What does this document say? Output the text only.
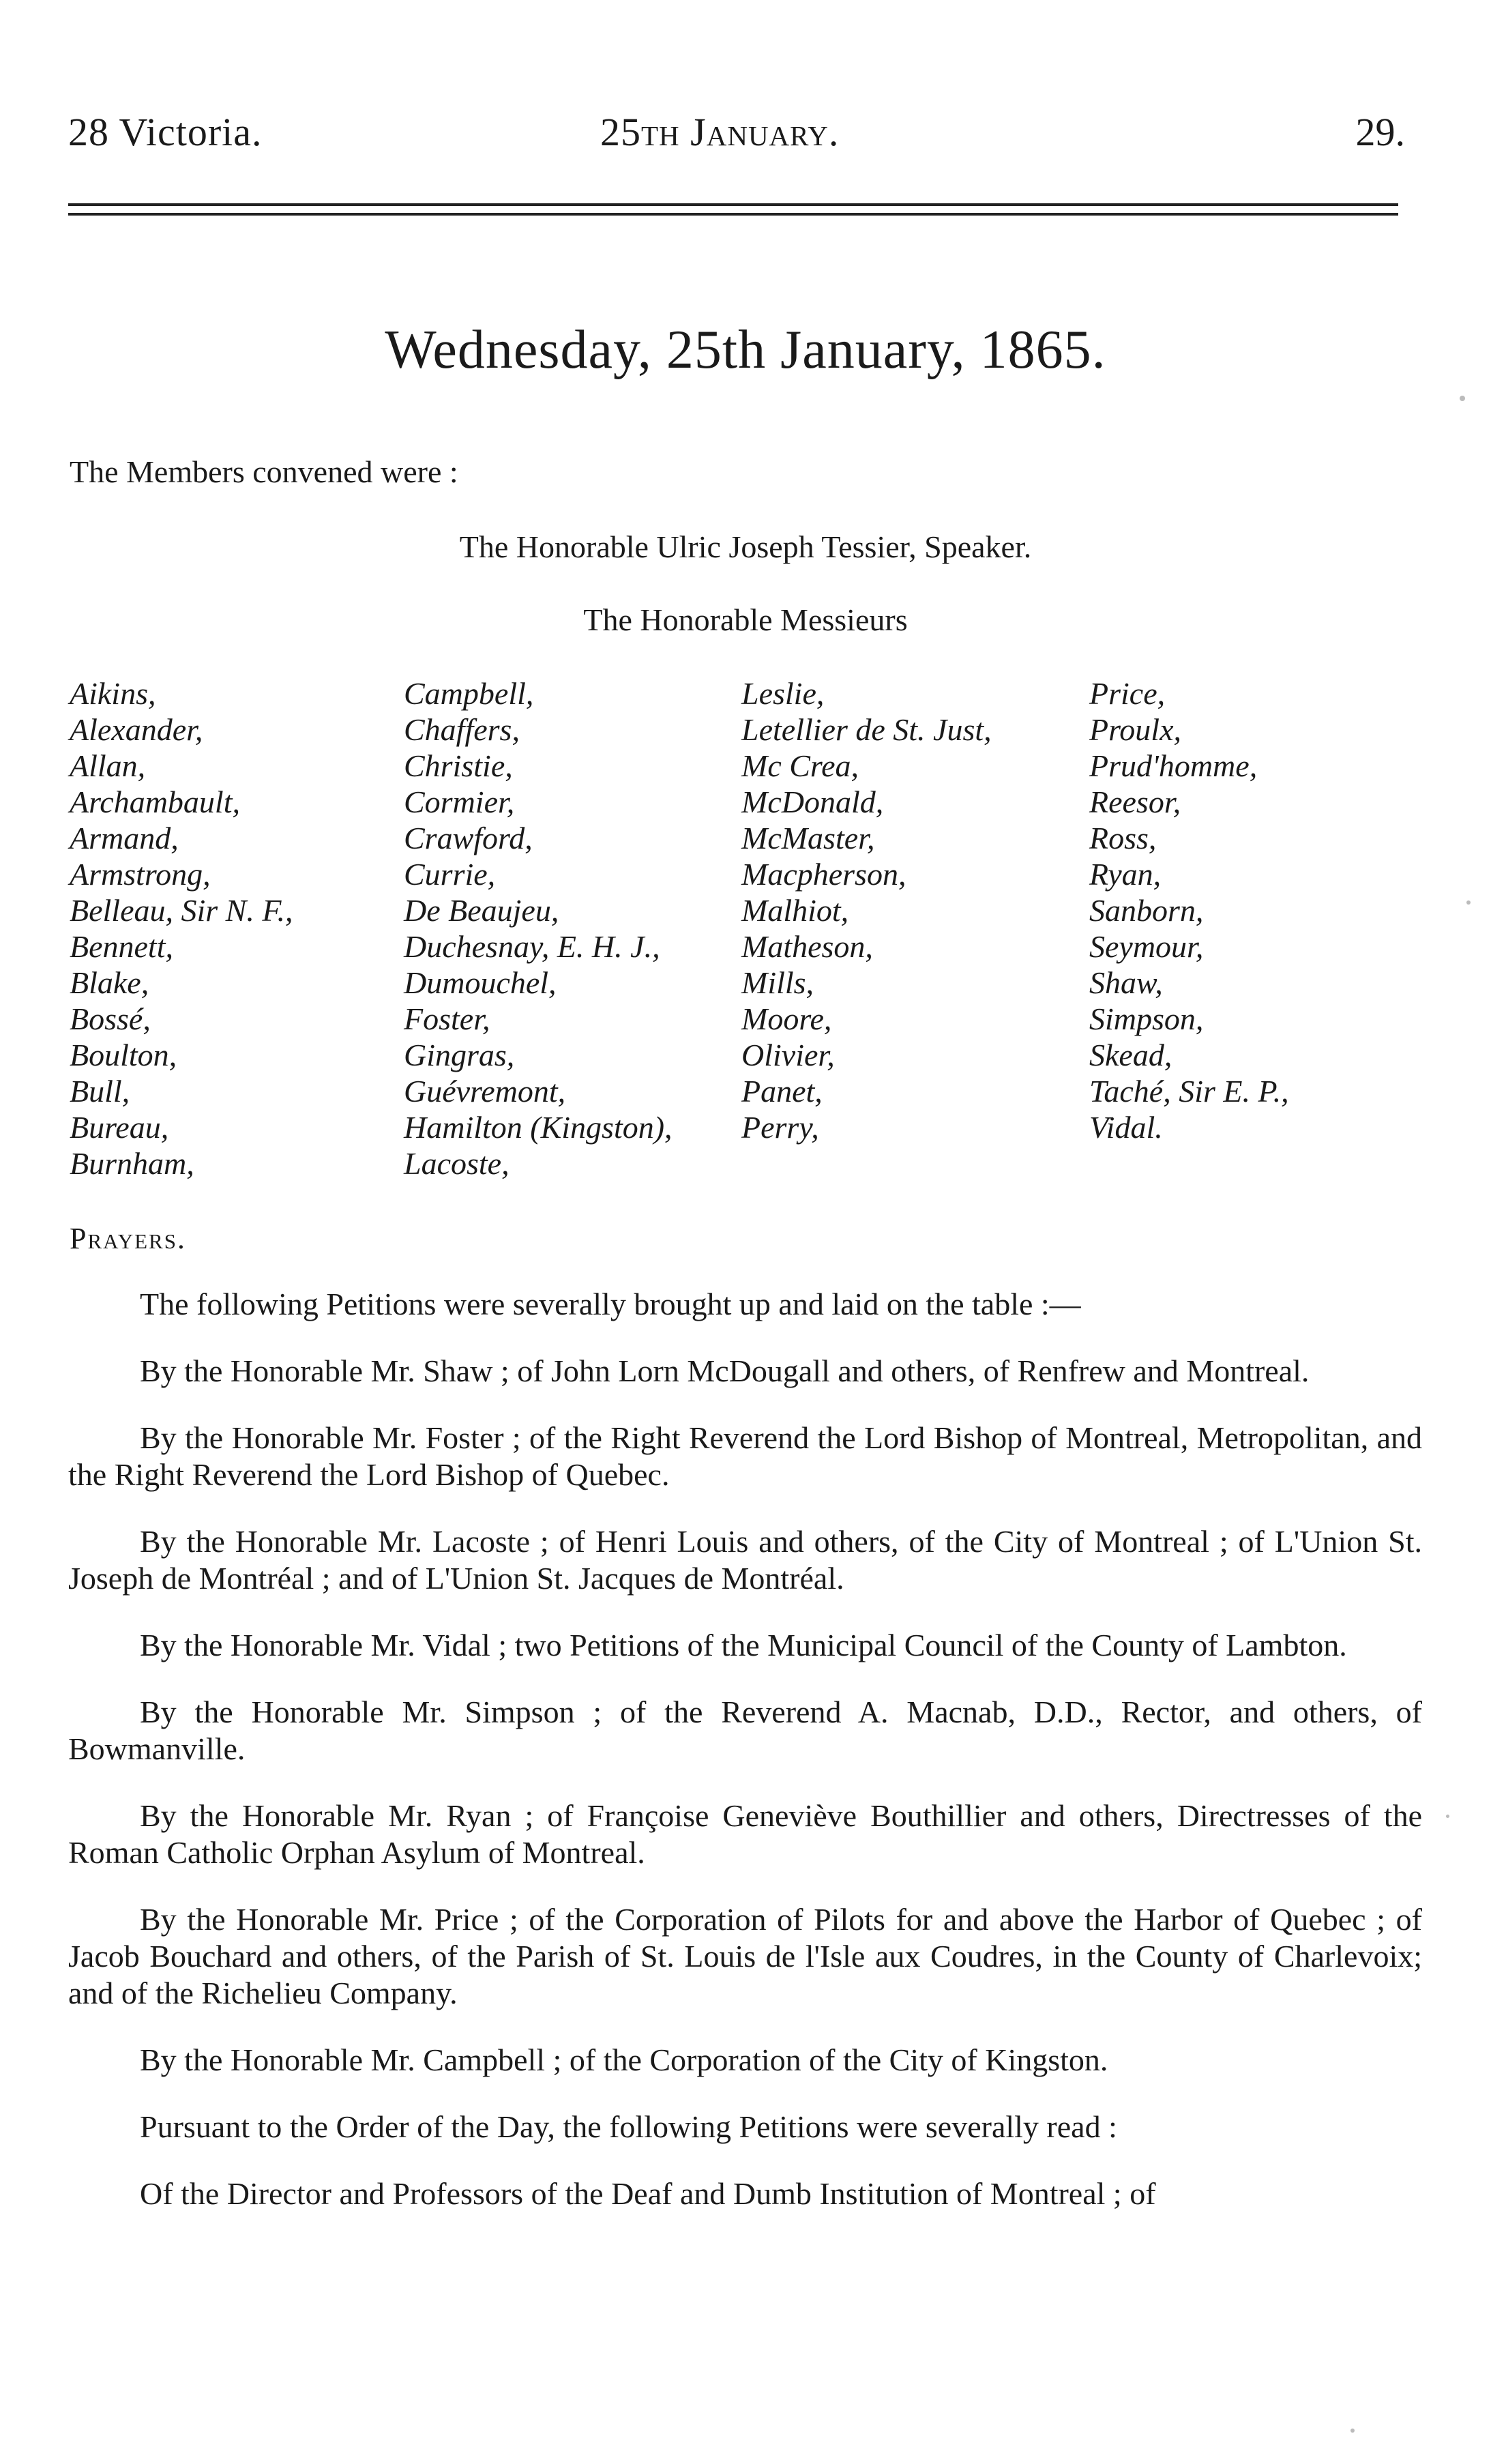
28 Victoria.	25th January.	29.
Wednesday, 25th January, 1865.
The Members convened were :
The Honorable Ulric Joseph Tessier, Speaker.
The Honorable Messieurs
Aikins,
Alexander,
Allan,
Archambault,
Armand,
Armstrong,
Belleau, Sir N. F.,
Bennett,
Blake,
Bossé,
Boulton,
Bull,
Bureau,
Burnham,
Campbell,
Chaffers,
Christie,
Cormier,
Crawford,
Currie,
De Beaujeu,
Duchesnay, E. H. J.,
Dumouchel,
Foster,
Gingras,
Guévremont,
Hamilton (Kingston),
Lacoste,
Leslie,
Letellier de St. Just,
Mc Crea,
McDonald,
McMaster,
Macpherson,
Malhiot,
Matheson,
Mills,
Moore,
Olivier,
Panet,
Perry,
Price,
Proulx,
Prud'homme,
Reesor,
Ross,
Ryan,
Sanborn,
Seymour,
Shaw,
Simpson,
Skead,
Taché, Sir E. P.,
Vidal.
Prayers.

The following Petitions were severally brought up and laid on the table :—

By the Honorable Mr. Shaw ; of John Lorn McDougall and others, of Renfrew and Montreal.

By the Honorable Mr. Foster ; of the Right Reverend the Lord Bishop of Montreal, Metropolitan, and the Right Reverend the Lord Bishop of Quebec.

By the Honorable Mr. Lacoste ; of Henri Louis and others, of the City of Montreal ; of L'Union St. Joseph de Montréal ; and of L'Union St. Jacques de Montréal.

By the Honorable Mr. Vidal ; two Petitions of the Municipal Council of the County of Lambton.

By the Honorable Mr. Simpson ; of the Reverend A. Macnab, D.D., Rector, and others, of Bowmanville.

By the Honorable Mr. Ryan ; of Françoise Geneviève Bouthillier and others, Directresses of the Roman Catholic Orphan Asylum of Montreal.

By the Honorable Mr. Price ; of the Corporation of Pilots for and above the Harbor of Quebec ; of Jacob Bouchard and others, of the Parish of St. Louis de l'Isle aux Coudres, in the County of Charlevoix; and of the Richelieu Company.

By the Honorable Mr. Campbell ; of the Corporation of the City of Kingston.

Pursuant to the Order of the Day, the following Petitions were severally read :

Of the Director and Professors of the Deaf and Dumb Institution of Montreal ; of
